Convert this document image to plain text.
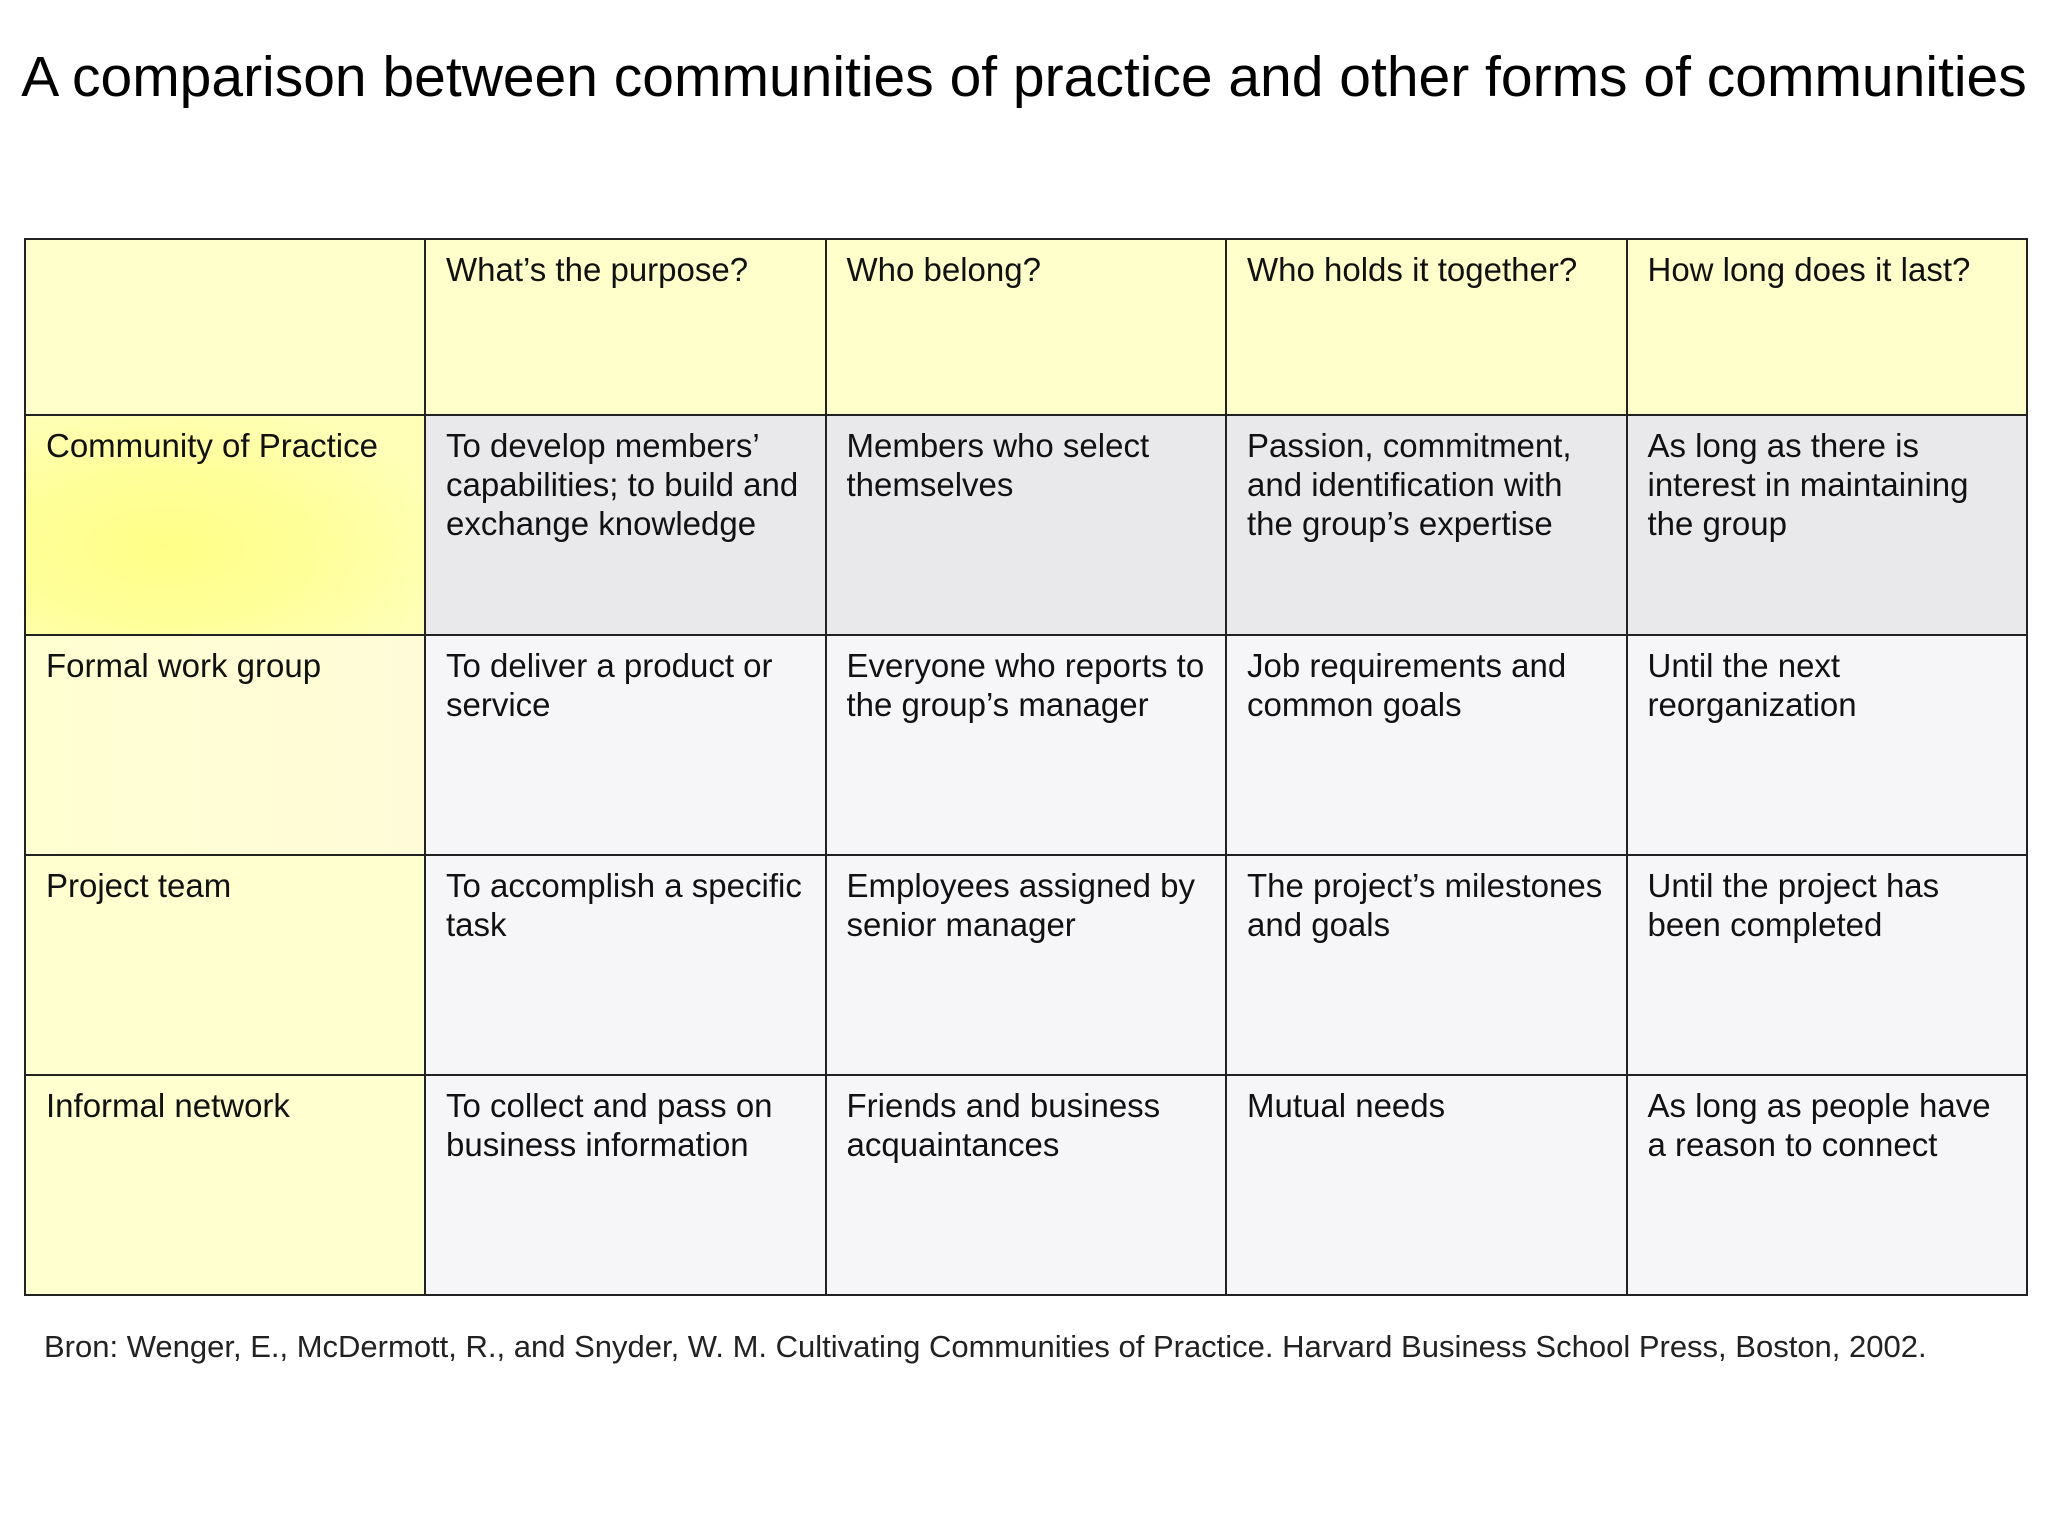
A comparison between communities of practice and other forms of communities
	What’s the purpose?	Who belong?	Who holds it together?	How long does it last?
Community of Practice	To develop members’ capabilities; to build and exchange knowledge	Members who select themselves	Passion, commitment, and identification with the group’s expertise	As long as there is interest in maintaining the group
Formal work group	To deliver a product or service	Everyone who reports to the group’s manager	Job requirements and common goals	Until the next reorganization
Project team	To accomplish a specific task	Employees assigned by senior manager	The project’s milestones and goals	Until the project has been completed
Informal network	To collect and pass on business information	Friends and business acquaintances	Mutual needs	As long as people have a reason to connect

Bron: Wenger, E., McDermott, R., and Snyder, W. M. Cultivating Communities of Practice. Harvard Business School Press, Boston, 2002.
